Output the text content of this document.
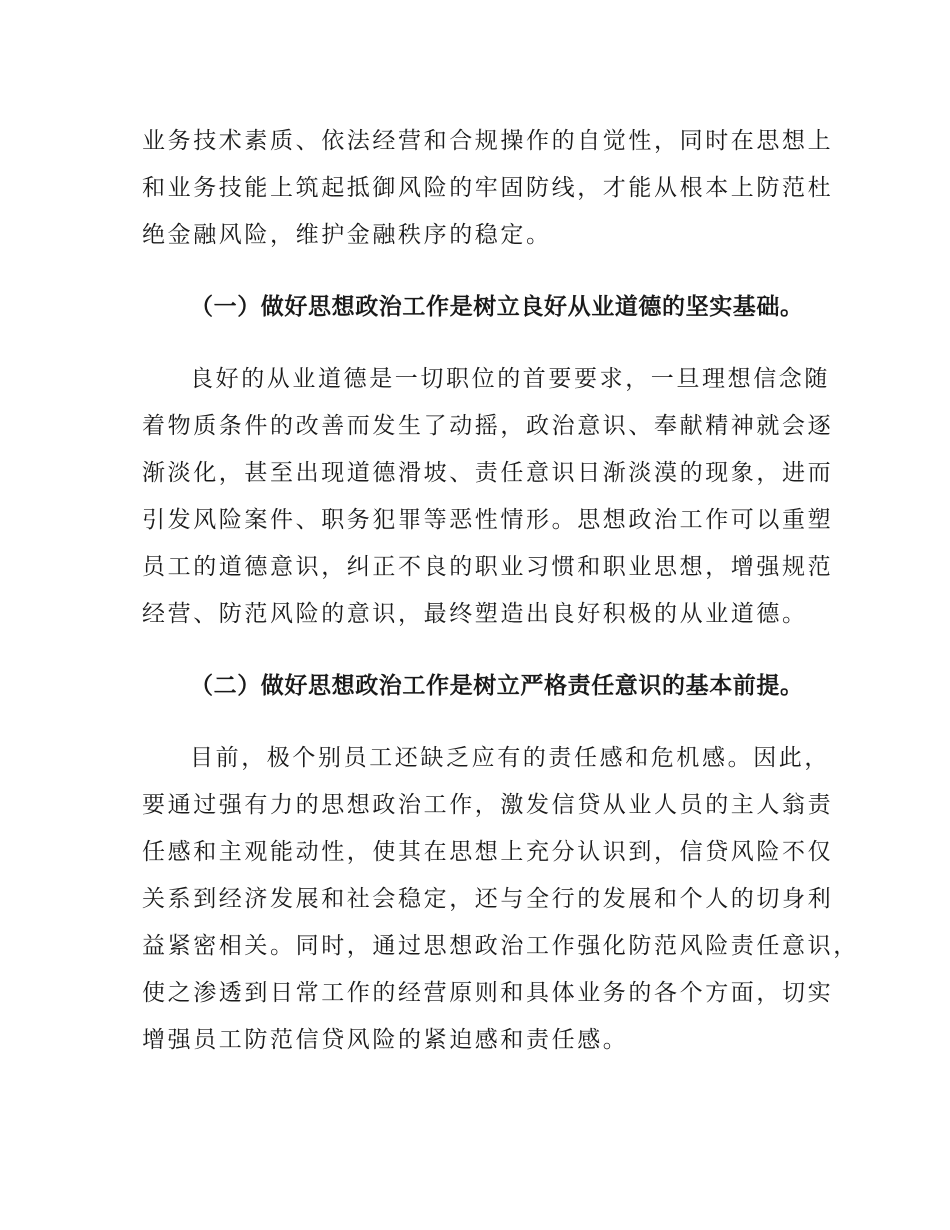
业务技术素质、依法经营和合规操作的自觉性，同时在思想上
和业务技能上筑起抵御风险的牢固防线，才能从根本上防范杜
绝金融风险，维护金融秩序的稳定。
（一）做好思想政治工作是树立良好从业道德的坚实基础。
良好的从业道德是一切职位的首要要求，一旦理想信念随
着物质条件的改善而发生了动摇，政治意识、奉献精神就会逐
渐淡化，甚至出现道德滑坡、责任意识日渐淡漠的现象，进而
引发风险案件、职务犯罪等恶性情形。思想政治工作可以重塑
员工的道德意识，纠正不良的职业习惯和职业思想，增强规范
经营、防范风险的意识，最终塑造出良好积极的从业道德。
（二）做好思想政治工作是树立严格责任意识的基本前提。
目前，极个别员工还缺乏应有的责任感和危机感。因此，
要通过强有力的思想政治工作，激发信贷从业人员的主人翁责
任感和主观能动性，使其在思想上充分认识到，信贷风险不仅
关系到经济发展和社会稳定，还与全行的发展和个人的切身利
益紧密相关。同时，通过思想政治工作强化防范风险责任意识，
使之渗透到日常工作的经营原则和具体业务的各个方面，切实
增强员工防范信贷风险的紧迫感和责任感。
